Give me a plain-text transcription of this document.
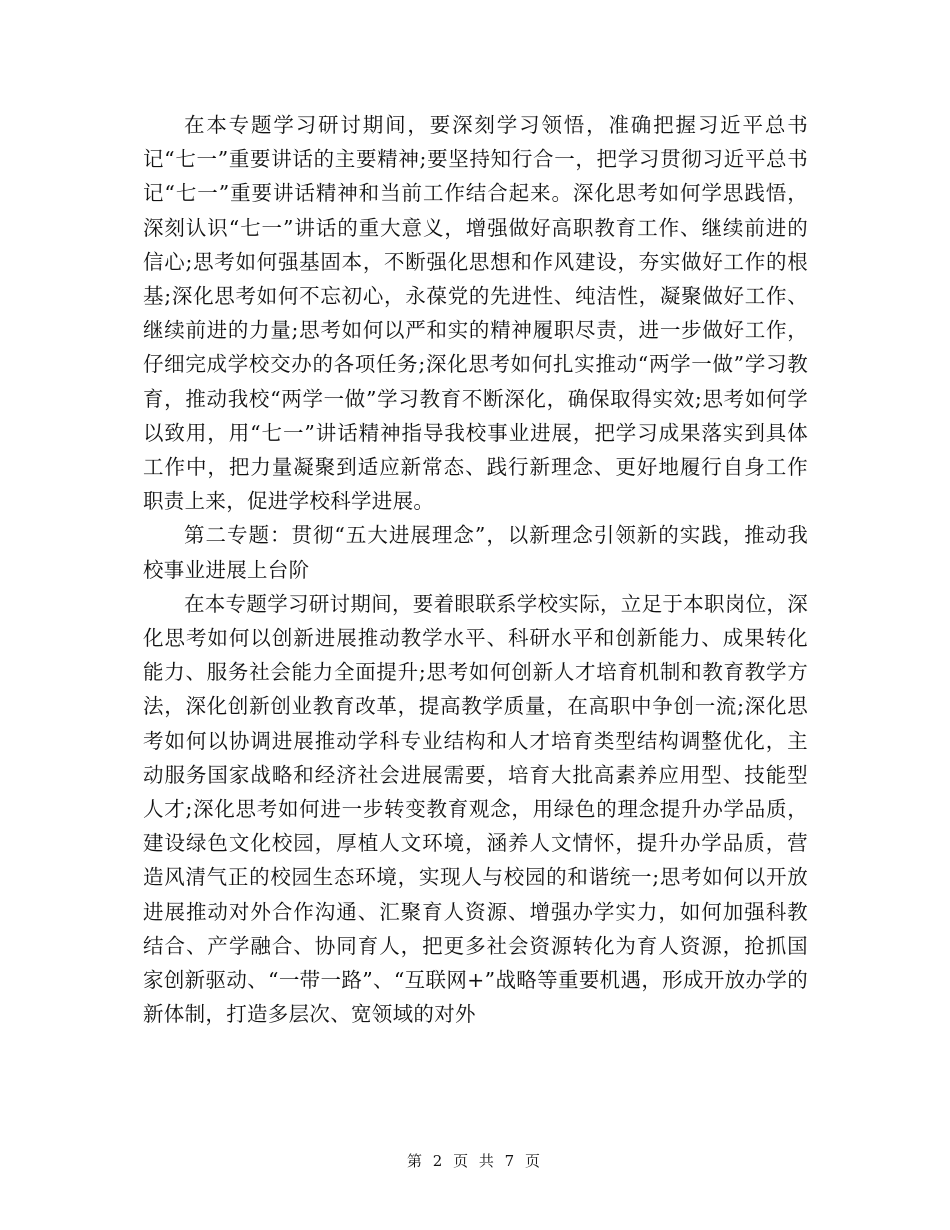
在本专题学习研讨期间，要深刻学习领悟，准确把握习近平总书记“七一”重要讲话的主要精神;要坚持知行合一，把学习贯彻习近平总书记“七一”重要讲话精神和当前工作结合起来。深化思考如何学思践悟，深刻认识“七一”讲话的重大意义，增强做好高职教育工作、继续前进的信心;思考如何强基固本，不断强化思想和作风建设，夯实做好工作的根基;深化思考如何不忘初心，永葆党的先进性、纯洁性，凝聚做好工作、继续前进的力量;思考如何以严和实的精神履职尽责，进一步做好工作，仔细完成学校交办的各项任务;深化思考如何扎实推动“两学一做”学习教育，推动我校“两学一做”学习教育不断深化，确保取得实效;思考如何学以致用，用“七一”讲话精神指导我校事业进展，把学习成果落实到具体工作中，把力量凝聚到适应新常态、践行新理念、更好地履行自身工作职责上来，促进学校科学进展。

第二专题：贯彻“五大进展理念”，以新理念引领新的实践，推动我校事业进展上台阶

在本专题学习研讨期间，要着眼联系学校实际，立足于本职岗位，深化思考如何以创新进展推动教学水平、科研水平和创新能力、成果转化能力、服务社会能力全面提升;思考如何创新人才培育机制和教育教学方法，深化创新创业教育改革，提高教学质量，在高职中争创一流;深化思考如何以协调进展推动学科专业结构和人才培育类型结构调整优化，主动服务国家战略和经济社会进展需要，培育大批高素养应用型、技能型人才;深化思考如何进一步转变教育观念，用绿色的理念提升办学品质，建设绿色文化校园，厚植人文环境，涵养人文情怀，提升办学品质，营造风清气正的校园生态环境，实现人与校园的和谐统一;思考如何以开放进展推动对外合作沟通、汇聚育人资源、增强办学实力，如何加强科教结合、产学融合、协同育人，把更多社会资源转化为育人资源，抢抓国家创新驱动、“一带一路”、“互联网+”战略等重要机遇，形成开放办学的新体制，打造多层次、宽领域的对外

第 2 页 共 7 页
